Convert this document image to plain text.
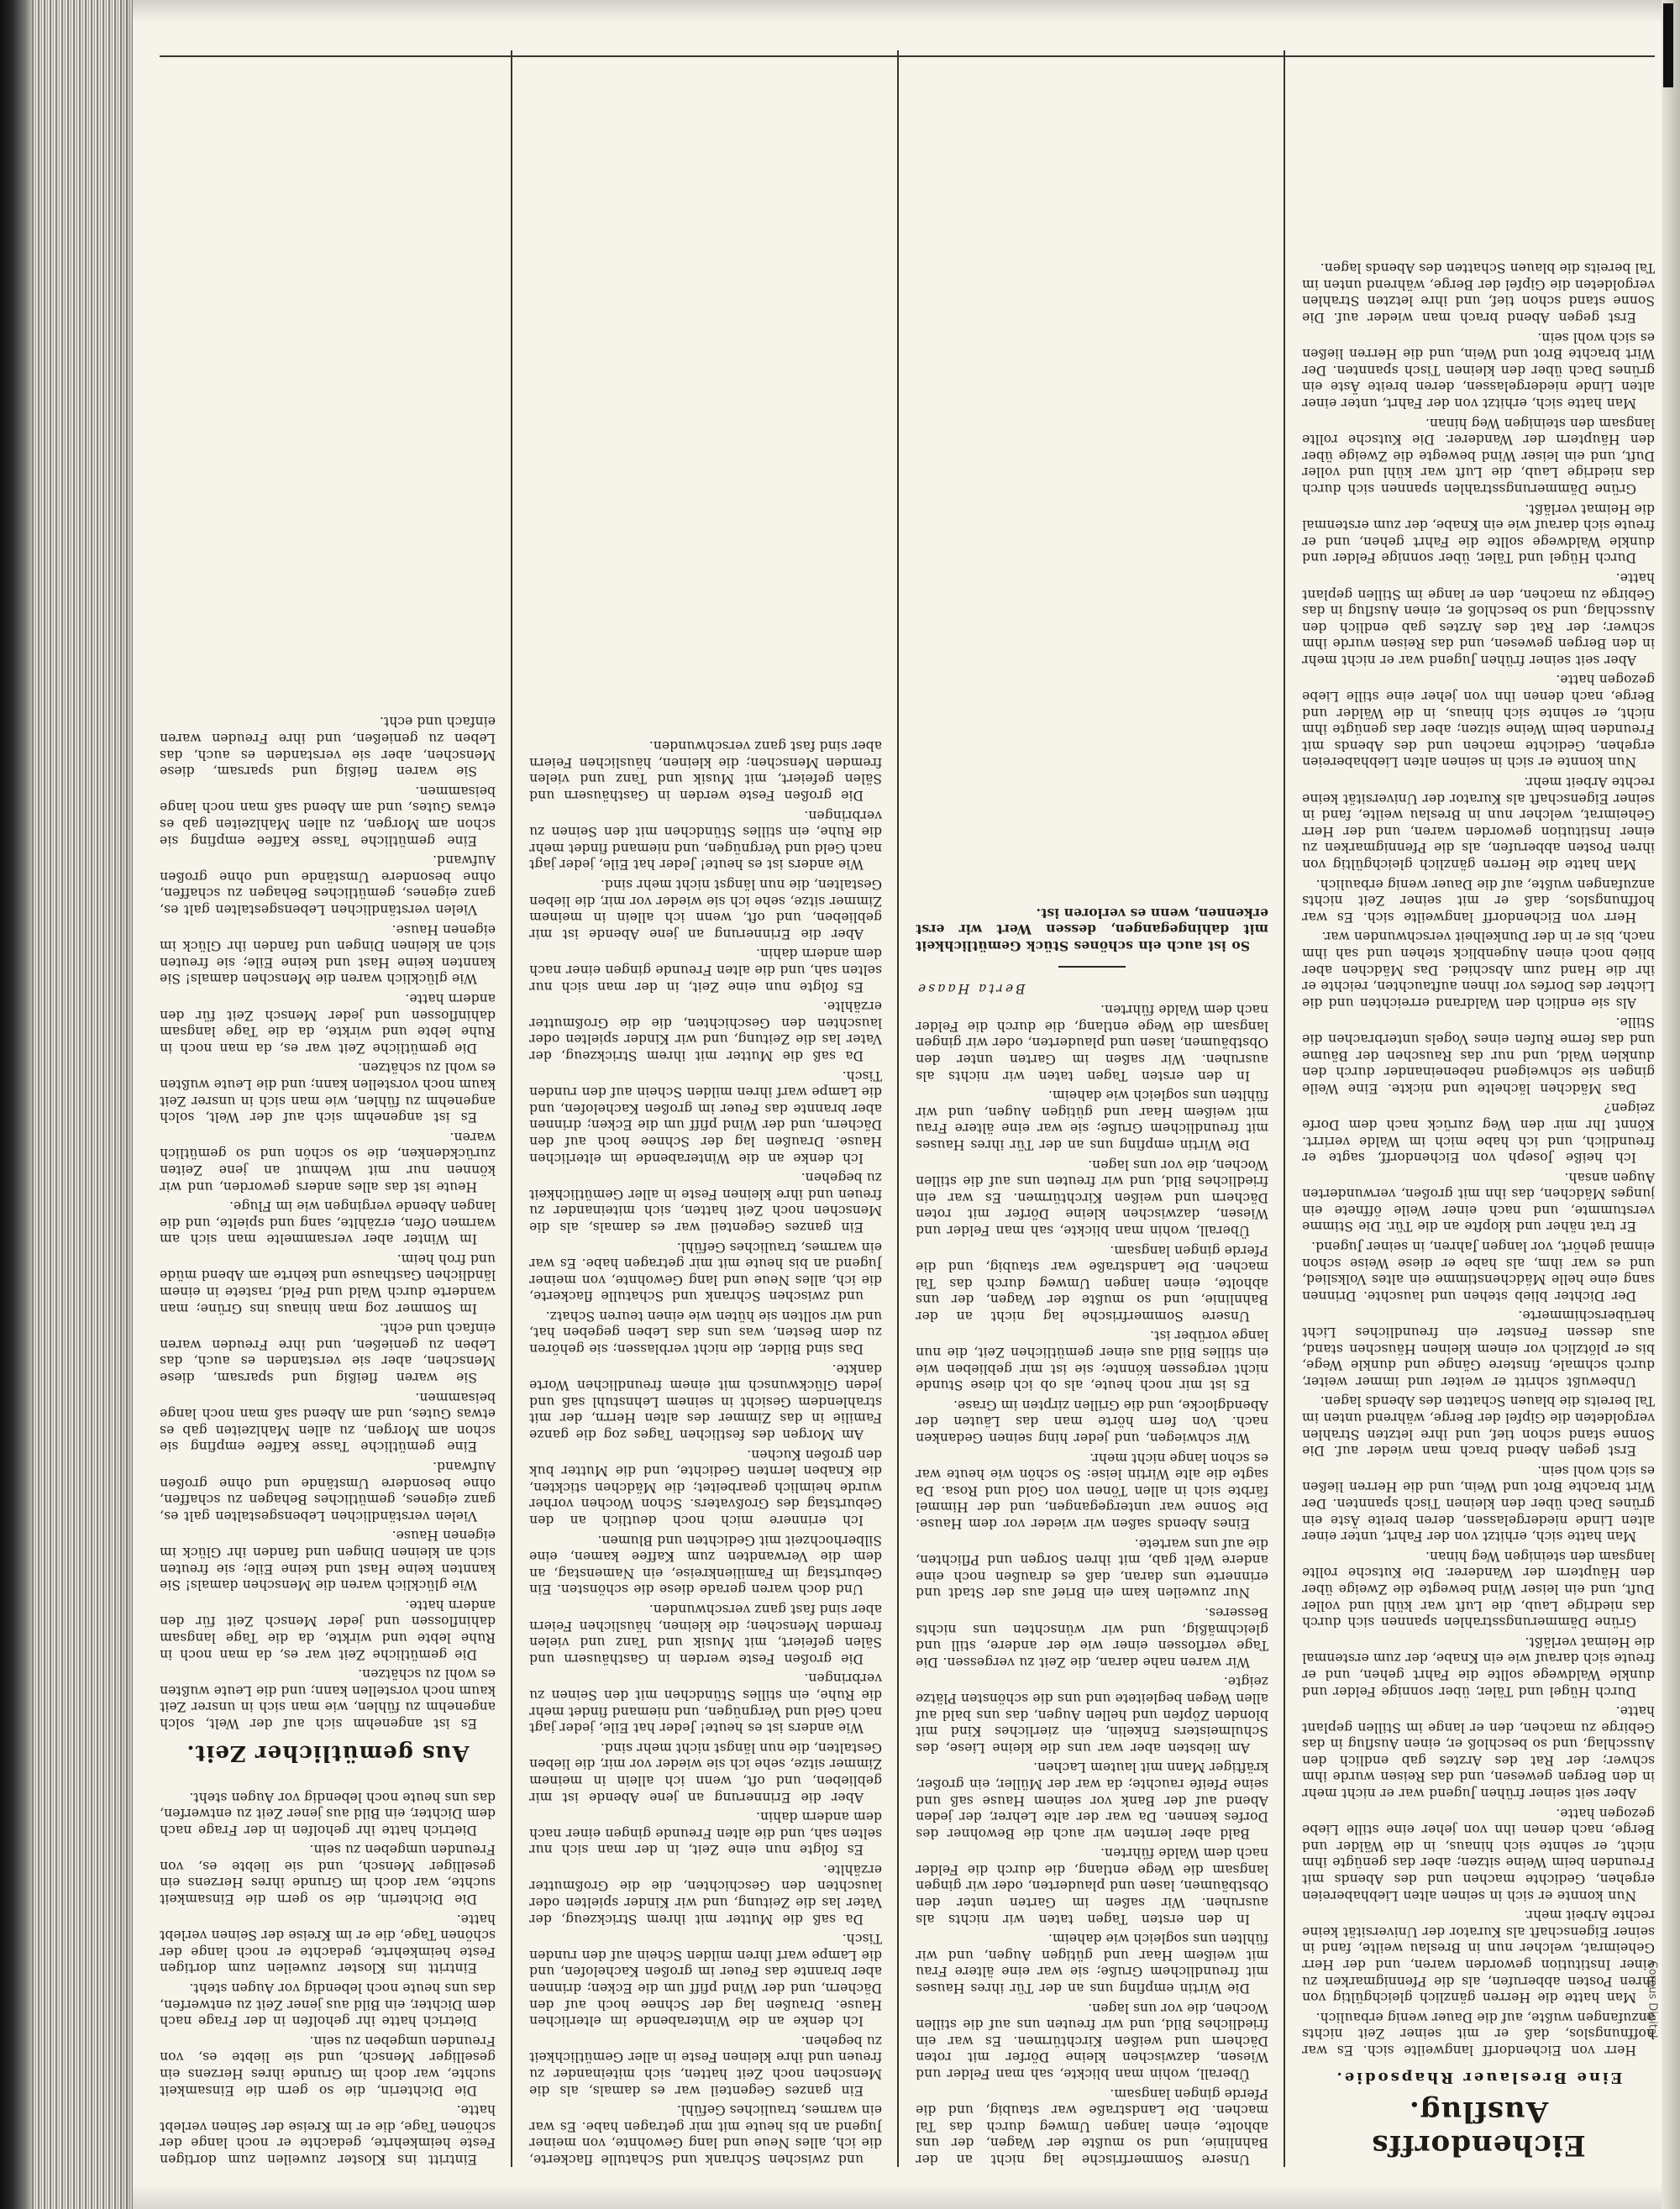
Corpus Digital
Eichendorffs Ausflug.
Eine Breslauer Rhapsodie.

Herr von Eichendorff langweilte sich. Es war hoffnungslos, daß er mit seiner Zeit nichts anzufangen wußte, auf die Dauer wenig erbaulich.

Man hatte die Herren gänzlich gleichgültig von ihren Posten abberufen, als die Pfennigmarken zu einer Institution geworden waren, und der Herr Geheimrat, welcher nun in Breslau weilte, fand in seiner Eigenschaft als Kurator der Universität keine rechte Arbeit mehr.

Nun konnte er sich in seinen alten Liebhabereien ergehen, Gedichte machen und des Abends mit Freunden beim Weine sitzen; aber das genügte ihm nicht, er sehnte sich hinaus, in die Wälder und Berge, nach denen ihn von jeher eine stille Liebe gezogen hatte.

Aber seit seiner frühen Jugend war er nicht mehr in den Bergen gewesen, und das Reisen wurde ihm schwer; der Rat des Arztes gab endlich den Ausschlag, und so beschloß er, einen Ausflug in das Gebirge zu machen, den er lange im Stillen geplant hatte.

Durch Hügel und Täler, über sonnige Felder und dunkle Waldwege sollte die Fahrt gehen, und er freute sich darauf wie ein Knabe, der zum erstenmal die Heimat verläßt.

Grüne Dämmerungsstrahlen spannen sich durch das niedrige Laub, die Luft war kühl und voller Duft, und ein leiser Wind bewegte die Zweige über den Häuptern der Wanderer. Die Kutsche rollte langsam den steinigen Weg hinan.

Man hatte sich, erhitzt von der Fahrt, unter einer alten Linde niedergelassen, deren breite Äste ein grünes Dach über den kleinen Tisch spannten. Der Wirt brachte Brot und Wein, und die Herren ließen es sich wohl sein.

Erst gegen Abend brach man wieder auf. Die Sonne stand schon tief, und ihre letzten Strahlen vergoldeten die Gipfel der Berge, während unten im Tal bereits die blauen Schatten des Abends lagen.

Unbewußt schritt er weiter und immer weiter, durch schmale, finstere Gänge und dunkle Wege, bis er plötzlich vor einem kleinen Häuschen stand, aus dessen Fenster ein freundliches Licht herüberschimmerte.

Der Dichter blieb stehen und lauschte. Drinnen sang eine helle Mädchenstimme ein altes Volkslied, und es war ihm, als habe er diese Weise schon einmal gehört, vor langen Jahren, in seiner Jugend.

Er trat näher und klopfte an die Tür. Die Stimme verstummte, und nach einer Weile öffnete ein junges Mädchen, das ihn mit großen, verwunderten Augen ansah.

Ich heiße Joseph von Eichendorff, sagte er freundlich, und ich habe mich im Walde verirrt. Könnt Ihr mir den Weg zurück nach dem Dorfe zeigen?

Das Mädchen lächelte und nickte. Eine Weile gingen sie schweigend nebeneinander durch den dunklen Wald, und nur das Rauschen der Bäume und das ferne Rufen eines Vogels unterbrachen die Stille.

Als sie endlich den Waldrand erreichten und die Lichter des Dorfes vor ihnen auftauchten, reichte er ihr die Hand zum Abschied. Das Mädchen aber blieb noch einen Augenblick stehen und sah ihm nach, bis er in der Dunkelheit verschwunden war.

Herr von Eichendorff langweilte sich. Es war hoffnungslos, daß er mit seiner Zeit nichts anzufangen wußte, auf die Dauer wenig erbaulich.

Man hatte die Herren gänzlich gleichgültig von ihren Posten abberufen, als die Pfennigmarken zu einer Institution geworden waren, und der Herr Geheimrat, welcher nun in Breslau weilte, fand in seiner Eigenschaft als Kurator der Universität keine rechte Arbeit mehr.

Nun konnte er sich in seinen alten Liebhabereien ergehen, Gedichte machen und des Abends mit Freunden beim Weine sitzen; aber das genügte ihm nicht, er sehnte sich hinaus, in die Wälder und Berge, nach denen ihn von jeher eine stille Liebe gezogen hatte.

Aber seit seiner frühen Jugend war er nicht mehr in den Bergen gewesen, und das Reisen wurde ihm schwer; der Rat des Arztes gab endlich den Ausschlag, und so beschloß er, einen Ausflug in das Gebirge zu machen, den er lange im Stillen geplant hatte.

Durch Hügel und Täler, über sonnige Felder und dunkle Waldwege sollte die Fahrt gehen, und er freute sich darauf wie ein Knabe, der zum erstenmal die Heimat verläßt.

Grüne Dämmerungsstrahlen spannen sich durch das niedrige Laub, die Luft war kühl und voller Duft, und ein leiser Wind bewegte die Zweige über den Häuptern der Wanderer. Die Kutsche rollte langsam den steinigen Weg hinan.

Man hatte sich, erhitzt von der Fahrt, unter einer alten Linde niedergelassen, deren breite Äste ein grünes Dach über den kleinen Tisch spannten. Der Wirt brachte Brot und Wein, und die Herren ließen es sich wohl sein.

Erst gegen Abend brach man wieder auf. Die Sonne stand schon tief, und ihre letzten Strahlen vergoldeten die Gipfel der Berge, während unten im Tal bereits die blauen Schatten des Abends lagen.

Unsere Sommerfrische lag nicht an der Bahnlinie, und so mußte der Wagen, der uns abholte, einen langen Umweg durch das Tal machen. Die Landstraße war staubig, und die Pferde gingen langsam.

Überall, wohin man blickte, sah man Felder und Wiesen, dazwischen kleine Dörfer mit roten Dächern und weißen Kirchtürmen. Es war ein friedliches Bild, und wir freuten uns auf die stillen Wochen, die vor uns lagen.

Die Wirtin empfing uns an der Tür ihres Hauses mit freundlichem Gruße; sie war eine ältere Frau mit weißem Haar und gütigen Augen, und wir fühlten uns sogleich wie daheim.

In den ersten Tagen taten wir nichts als ausruhen. Wir saßen im Garten unter den Obstbäumen, lasen und plauderten, oder wir gingen langsam die Wege entlang, die durch die Felder nach dem Walde führten.

Bald aber lernten wir auch die Bewohner des Dorfes kennen. Da war der alte Lehrer, der jeden Abend auf der Bank vor seinem Hause saß und seine Pfeife rauchte; da war der Müller, ein großer, kräftiger Mann mit lautem Lachen.

Am liebsten aber war uns die kleine Liese, des Schulmeisters Enkelin, ein zierliches Kind mit blonden Zöpfen und hellen Augen, das uns bald auf allen Wegen begleitete und uns die schönsten Plätze zeigte.

Wir waren nahe daran, die Zeit zu vergessen. Die Tage verflossen einer wie der andere, still und gleichmäßig, und wir wünschten uns nichts Besseres.

Nur zuweilen kam ein Brief aus der Stadt und erinnerte uns daran, daß es draußen noch eine andere Welt gab, mit ihren Sorgen und Pflichten, die auf uns wartete.

Eines Abends saßen wir wieder vor dem Hause. Die Sonne war untergegangen, und der Himmel färbte sich in allen Tönen von Gold und Rosa. Da sagte die alte Wirtin leise: So schön wie heute war es schon lange nicht mehr.

Wir schwiegen, und jeder hing seinen Gedanken nach. Von fern hörte man das Läuten der Abendglocke, und die Grillen zirpten im Grase.

Es ist mir noch heute, als ob ich diese Stunde nicht vergessen könnte; sie ist mir geblieben wie ein stilles Bild aus einer gemütlichen Zeit, die nun lange vorüber ist.

Unsere Sommerfrische lag nicht an der Bahnlinie, und so mußte der Wagen, der uns abholte, einen langen Umweg durch das Tal machen. Die Landstraße war staubig, und die Pferde gingen langsam.

Überall, wohin man blickte, sah man Felder und Wiesen, dazwischen kleine Dörfer mit roten Dächern und weißen Kirchtürmen. Es war ein friedliches Bild, und wir freuten uns auf die stillen Wochen, die vor uns lagen.

Die Wirtin empfing uns an der Tür ihres Hauses mit freundlichem Gruße; sie war eine ältere Frau mit weißem Haar und gütigen Augen, und wir fühlten uns sogleich wie daheim.

In den ersten Tagen taten wir nichts als ausruhen. Wir saßen im Garten unter den Obstbäumen, lasen und plauderten, oder wir gingen langsam die Wege entlang, die durch die Felder nach dem Walde führten.

Berta Haase

So ist auch ein schönes Stück Gemütlichkeit mit dahingegangen, dessen Wert wir erst erkennen, wenn es verloren ist.

und zwischen Schrank und Schatulle flackerte, die ich, alles Neue und lang Gewohnte, von meiner Jugend an bis heute mit mir getragen habe. Es war ein warmes, trauliches Gefühl.

Ein ganzes Gegenteil war es damals, als die Menschen noch Zeit hatten, sich miteinander zu freuen und ihre kleinen Feste in aller Gemütlichkeit zu begehen.

Ich denke an die Winterabende im elterlichen Hause. Draußen lag der Schnee hoch auf den Dächern, und der Wind pfiff um die Ecken; drinnen aber brannte das Feuer im großen Kachelofen, und die Lampe warf ihren milden Schein auf den runden Tisch.

Da saß die Mutter mit ihrem Strickzeug, der Vater las die Zeitung, und wir Kinder spielten oder lauschten den Geschichten, die die Großmutter erzählte.

Es folgte nun eine Zeit, in der man sich nur selten sah, und die alten Freunde gingen einer nach dem andern dahin.

Aber die Erinnerung an jene Abende ist mir geblieben, und oft, wenn ich allein in meinem Zimmer sitze, sehe ich sie wieder vor mir, die lieben Gestalten, die nun längst nicht mehr sind.

Wie anders ist es heute! Jeder hat Eile, jeder jagt nach Geld und Vergnügen, und niemand findet mehr die Ruhe, ein stilles Stündchen mit den Seinen zu verbringen.

Die großen Feste werden in Gasthäusern und Sälen gefeiert, mit Musik und Tanz und vielen fremden Menschen; die kleinen, häuslichen Feiern aber sind fast ganz verschwunden.

Und doch waren gerade diese die schönsten. Ein Geburtstag im Familienkreise, ein Namenstag, an dem die Verwandten zum Kaffee kamen, eine Silberhochzeit mit Gedichten und Blumen.

Ich erinnere mich noch deutlich an den Geburtstag des Großvaters. Schon Wochen vorher wurde heimlich gearbeitet; die Mädchen stickten, die Knaben lernten Gedichte, und die Mutter buk den großen Kuchen.

Am Morgen des festlichen Tages zog die ganze Familie in das Zimmer des alten Herrn, der mit strahlendem Gesicht in seinem Lehnstuhl saß und jeden Glückwunsch mit einem freundlichen Worte dankte.

Das sind Bilder, die nicht verblassen; sie gehören zu dem Besten, was uns das Leben gegeben hat, und wir sollten sie hüten wie einen teuren Schatz.

und zwischen Schrank und Schatulle flackerte, die ich, alles Neue und lang Gewohnte, von meiner Jugend an bis heute mit mir getragen habe. Es war ein warmes, trauliches Gefühl.

Ein ganzes Gegenteil war es damals, als die Menschen noch Zeit hatten, sich miteinander zu freuen und ihre kleinen Feste in aller Gemütlichkeit zu begehen.

Ich denke an die Winterabende im elterlichen Hause. Draußen lag der Schnee hoch auf den Dächern, und der Wind pfiff um die Ecken; drinnen aber brannte das Feuer im großen Kachelofen, und die Lampe warf ihren milden Schein auf den runden Tisch.

Da saß die Mutter mit ihrem Strickzeug, der Vater las die Zeitung, und wir Kinder spielten oder lauschten den Geschichten, die die Großmutter erzählte.

Es folgte nun eine Zeit, in der man sich nur selten sah, und die alten Freunde gingen einer nach dem andern dahin.

Aber die Erinnerung an jene Abende ist mir geblieben, und oft, wenn ich allein in meinem Zimmer sitze, sehe ich sie wieder vor mir, die lieben Gestalten, die nun längst nicht mehr sind.

Wie anders ist es heute! Jeder hat Eile, jeder jagt nach Geld und Vergnügen, und niemand findet mehr die Ruhe, ein stilles Stündchen mit den Seinen zu verbringen.

Die großen Feste werden in Gasthäusern und Sälen gefeiert, mit Musik und Tanz und vielen fremden Menschen; die kleinen, häuslichen Feiern aber sind fast ganz verschwunden.

Eintritt ins Kloster zuweilen zum dortigen Feste heimkehrte, gedachte er noch lange der schönen Tage, die er im Kreise der Seinen verlebt hatte.

Die Dichterin, die so gern die Einsamkeit suchte, war doch im Grunde ihres Herzens ein geselliger Mensch, und sie liebte es, von Freunden umgeben zu sein.

Dietrich hatte ihr geholfen in der Frage nach dem Dichter, ein Bild aus jener Zeit zu entwerfen, das uns heute noch lebendig vor Augen steht.

Eintritt ins Kloster zuweilen zum dortigen Feste heimkehrte, gedachte er noch lange der schönen Tage, die er im Kreise der Seinen verlebt hatte.

Die Dichterin, die so gern die Einsamkeit suchte, war doch im Grunde ihres Herzens ein geselliger Mensch, und sie liebte es, von Freunden umgeben zu sein.

Dietrich hatte ihr geholfen in der Frage nach dem Dichter, ein Bild aus jener Zeit zu entwerfen, das uns heute noch lebendig vor Augen steht.

Aus gemütlicher Zeit.

Es ist angenehm sich auf der Welt, solch angenehm zu fühlen, wie man sich in unsrer Zeit kaum noch vorstellen kann; und die Leute wußten es wohl zu schätzen.

Die gemütliche Zeit war es, da man noch in Ruhe lebte und wirkte, da die Tage langsam dahinflossen und jeder Mensch Zeit für den andern hatte.

Wie glücklich waren die Menschen damals! Sie kannten keine Hast und keine Eile; sie freuten sich an kleinen Dingen und fanden ihr Glück im eigenen Hause.

Vielen verständlichen Lebensgestalten galt es, ganz eigenes, gemütliches Behagen zu schaffen, ohne besondere Umstände und ohne großen Aufwand.

Eine gemütliche Tasse Kaffee empfing sie schon am Morgen, zu allen Mahlzeiten gab es etwas Gutes, und am Abend saß man noch lange beisammen.

Sie waren fleißig und sparsam, diese Menschen, aber sie verstanden es auch, das Leben zu genießen, und ihre Freuden waren einfach und echt.

Im Sommer zog man hinaus ins Grüne; man wanderte durch Wald und Feld, rastete in einem ländlichen Gasthause und kehrte am Abend müde und froh heim.

Im Winter aber versammelte man sich am warmen Ofen, erzählte, sang und spielte, und die langen Abende vergingen wie im Fluge.

Heute ist das alles anders geworden, und wir können nur mit Wehmut an jene Zeiten zurückdenken, die so schön und so gemütlich waren.

Es ist angenehm sich auf der Welt, solch angenehm zu fühlen, wie man sich in unsrer Zeit kaum noch vorstellen kann; und die Leute wußten es wohl zu schätzen.

Die gemütliche Zeit war es, da man noch in Ruhe lebte und wirkte, da die Tage langsam dahinflossen und jeder Mensch Zeit für den andern hatte.

Wie glücklich waren die Menschen damals! Sie kannten keine Hast und keine Eile; sie freuten sich an kleinen Dingen und fanden ihr Glück im eigenen Hause.

Vielen verständlichen Lebensgestalten galt es, ganz eigenes, gemütliches Behagen zu schaffen, ohne besondere Umstände und ohne großen Aufwand.

Eine gemütliche Tasse Kaffee empfing sie schon am Morgen, zu allen Mahlzeiten gab es etwas Gutes, und am Abend saß man noch lange beisammen.

Sie waren fleißig und sparsam, diese Menschen, aber sie verstanden es auch, das Leben zu genießen, und ihre Freuden waren einfach und echt.
